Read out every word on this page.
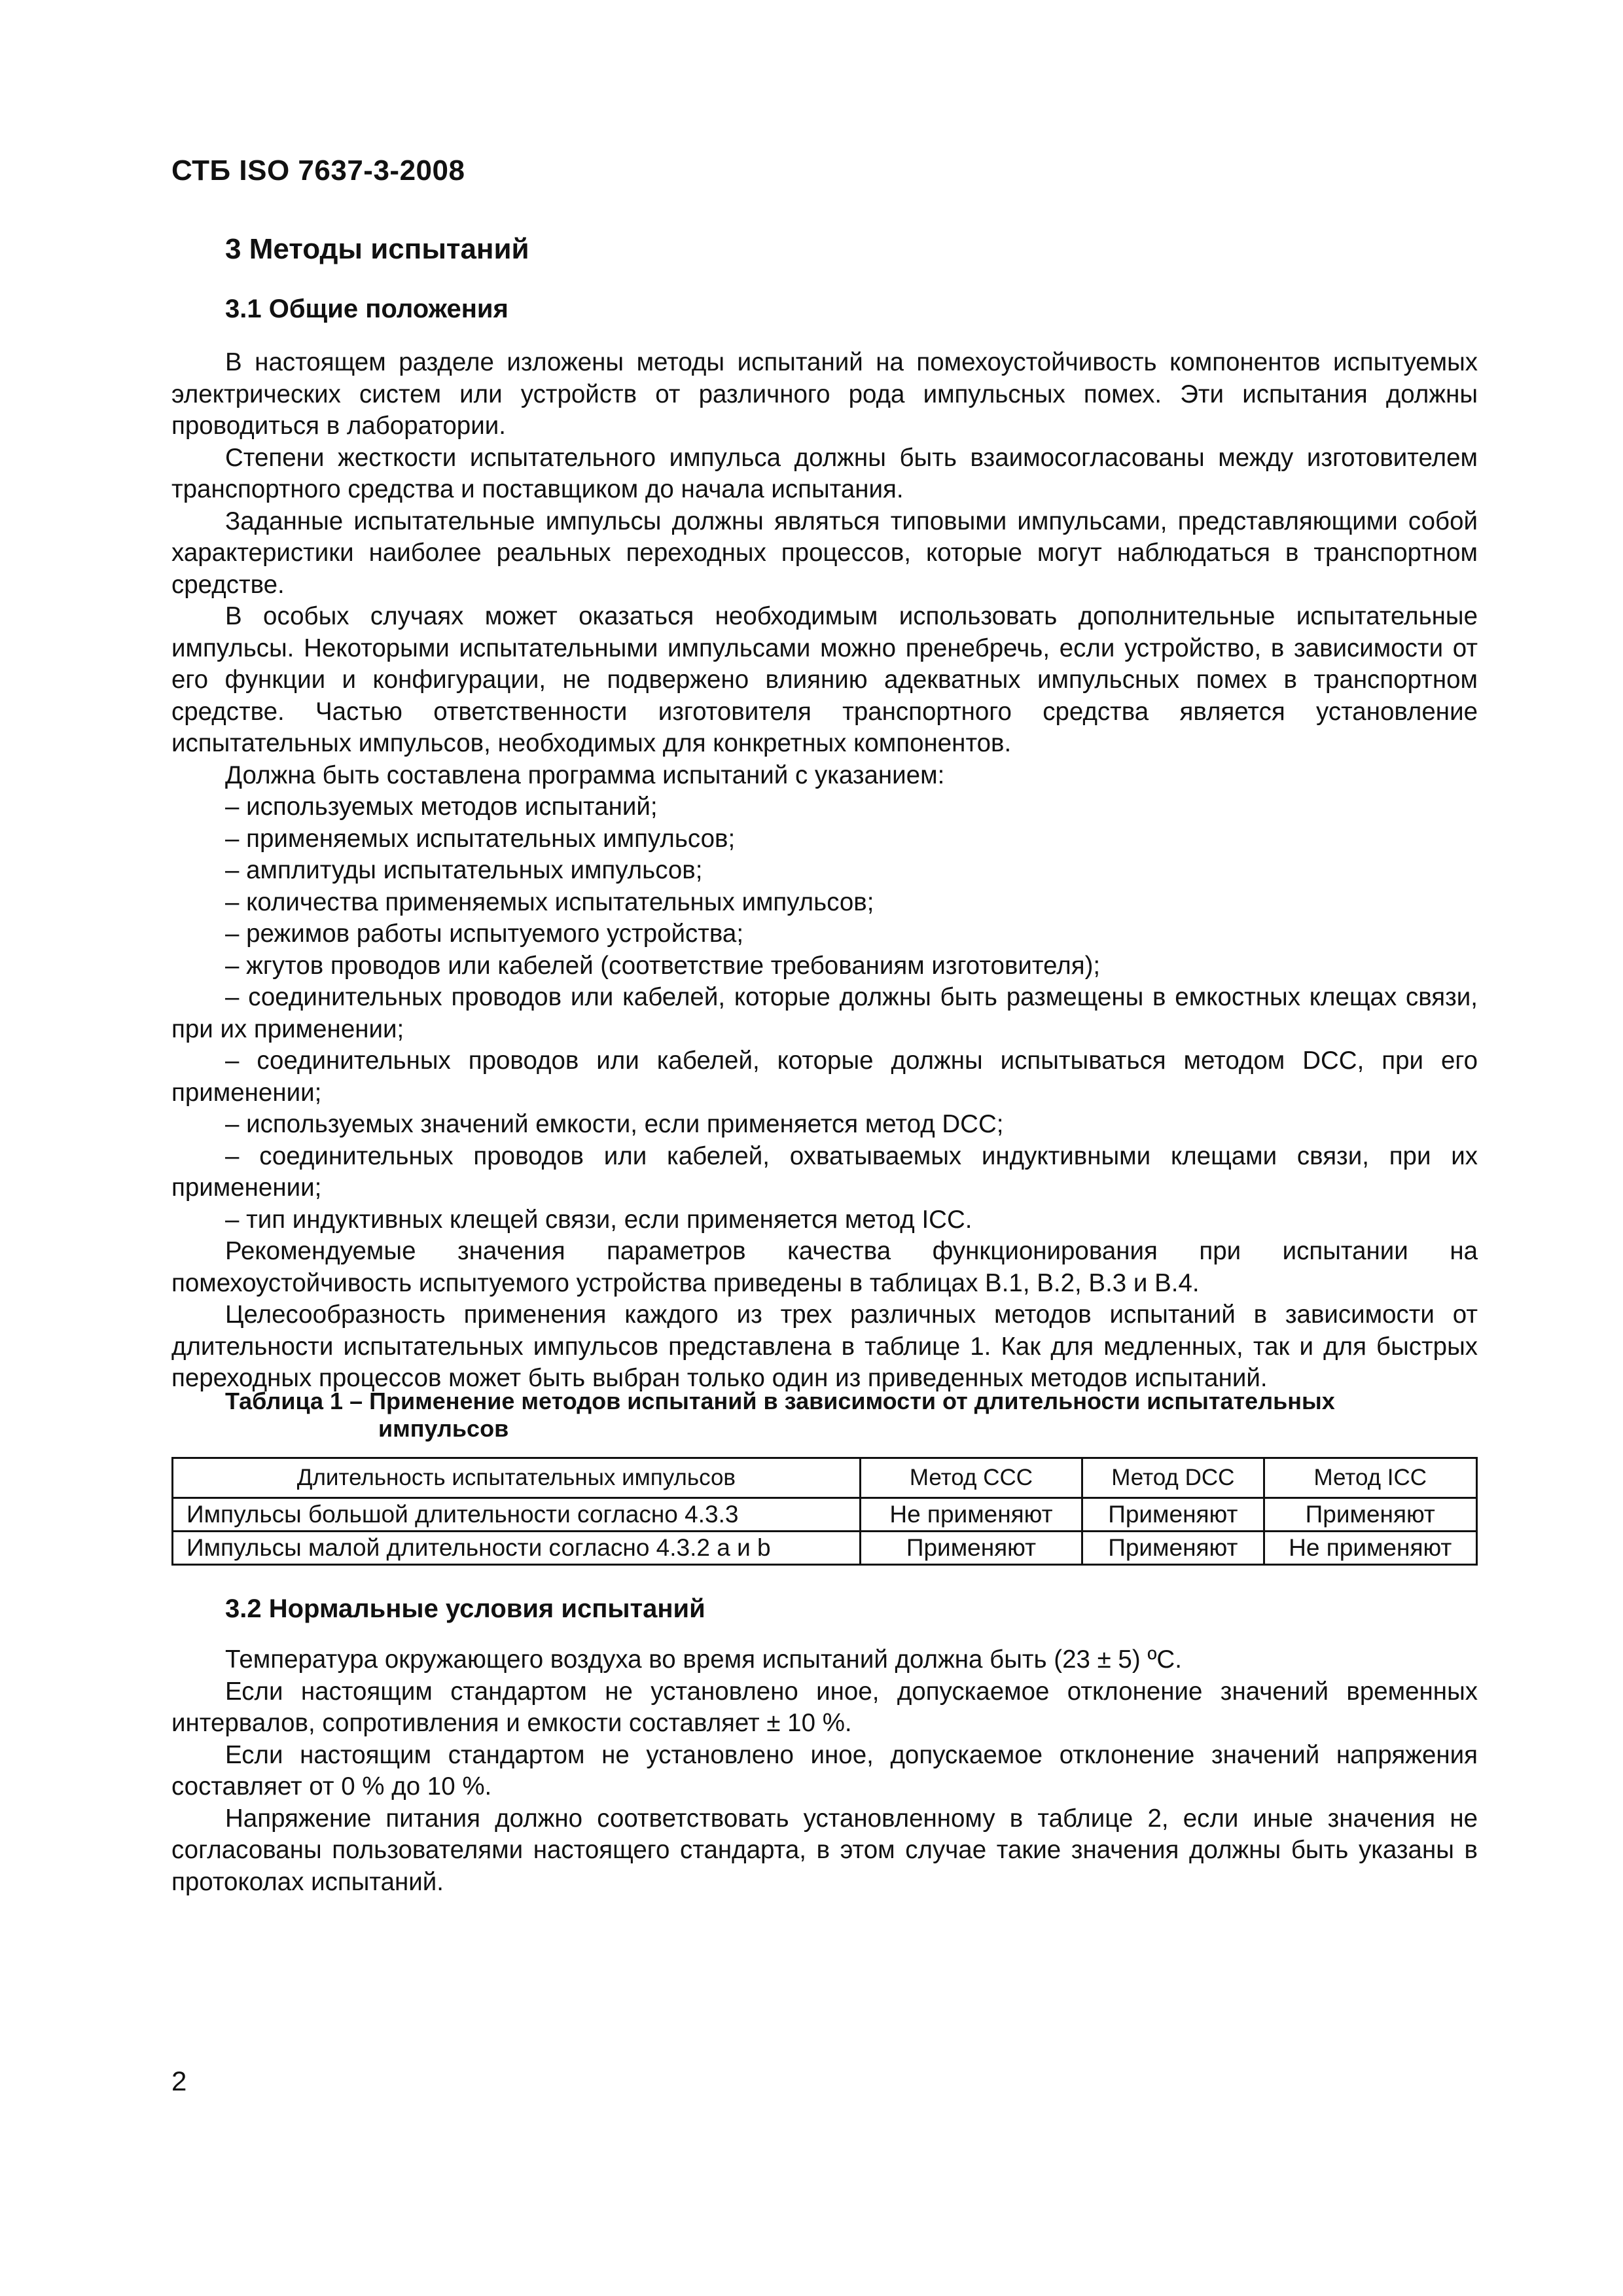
СТБ ISO 7637-3-2008
3 Методы испытаний
3.1 Общие положения

В настоящем разделе изложены методы испытаний на помехоустойчивость компонентов испытуемых электрических систем или устройств от различного рода импульсных помех. Эти испытания должны проводиться в лаборатории.

Степени жесткости испытательного импульса должны быть взаимосогласованы между изготовителем транспортного средства и поставщиком до начала испытания.

Заданные испытательные импульсы должны являться типовыми импульсами, представляющими собой характеристики наиболее реальных переходных процессов, которые могут наблюдаться в транспортном средстве.

В особых случаях может оказаться необходимым использовать дополнительные испытательные импульсы. Некоторыми испытательными импульсами можно пренебречь, если устройство, в зависимости от его функции и конфигурации, не подвержено влиянию адекватных импульсных помех в транспортном средстве. Частью ответственности изготовителя транспортного средства является установление испытательных импульсов, необходимых для конкретных компонентов.

Должна быть составлена программа испытаний с указанием:

– используемых методов испытаний;

– применяемых испытательных импульсов;

– амплитуды испытательных импульсов;

– количества применяемых испытательных импульсов;

– режимов работы испытуемого устройства;

– жгутов проводов или кабелей (соответствие требованиям изготовителя);

– соединительных проводов или кабелей, которые должны быть размещены в емкостных клещах связи, при их применении;

– соединительных проводов или кабелей, которые должны испытываться методом DCC, при его применении;

– используемых значений емкости, если применяется метод DCC;

– соединительных проводов или кабелей, охватываемых индуктивными клещами связи, при их применении;

– тип индуктивных клещей связи, если применяется метод ICC.

Рекомендуемые значения параметров качества функционирования при испытании на помехоустойчивость испытуемого устройства приведены в таблицах В.1, В.2, В.3 и В.4.

Целесообразность применения каждого из трех различных методов испытаний в зависимости от длительности испытательных импульсов представлена в таблице 1. Как для медленных, так и для быстрых переходных процессов может быть выбран только один из приведенных методов испытаний.

Таблица 1 – Применение методов испытаний в зависимости от длительности испытательных
импульсов
Длительность испытательных импульсов	Метод CCC	Метод DCC	Метод ICC
Импульсы большой длительности согласно 4.3.3	Не применяют	Применяют	Применяют
Импульсы малой длительности согласно 4.3.2 а и b	Применяют	Применяют	Не применяют
3.2 Нормальные условия испытаний

Температура окружающего воздуха во время испытаний должна быть (23 ± 5) ºС.

Если настоящим стандартом не установлено иное, допускаемое отклонение значений временных интервалов, сопротивления и емкости составляет ± 10 %.

Если настоящим стандартом не установлено иное, допускаемое отклонение значений напряжения составляет от 0 % до 10 %.

Напряжение питания должно соответствовать установленному в таблице 2, если иные значения не согласованы пользователями настоящего стандарта, в этом случае такие значения должны быть указаны в протоколах испытаний.

2
